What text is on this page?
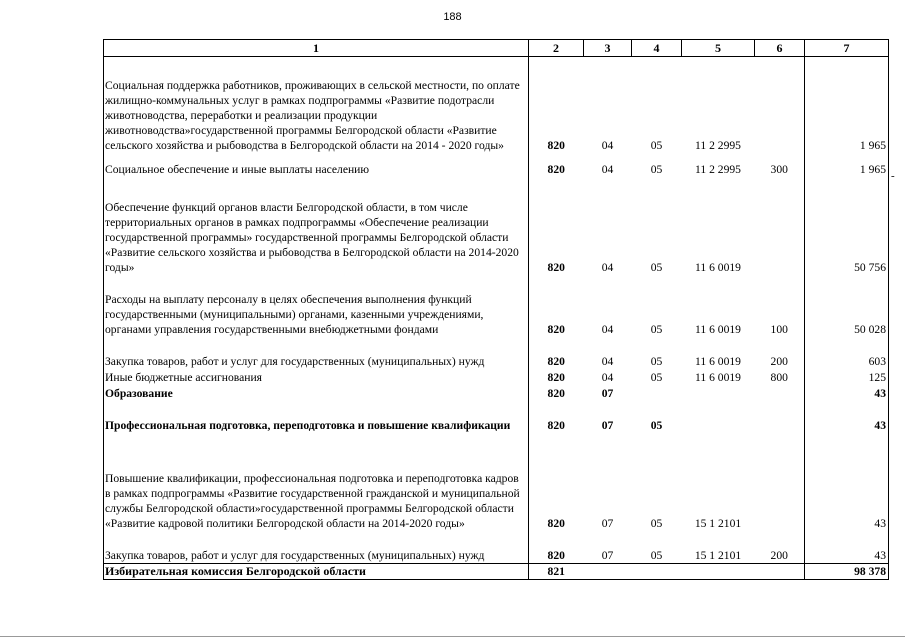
188
-
1	2	3	4	5	6	7
Социальная поддержка работников, проживающих в сельской местности, по оплате жилищно-коммунальных услуг в рамках подпрограммы «Развитие подотрасли животноводства, переработки и реализации продукции животноводства»государственной программы Белгородской области «Развитие сельского хозяйства и рыбоводства в Белгородской области на 2014 - 2020 годы»	820	04	05	11 2 2995		1 965
Социальное обеспечение и иные выплаты населению	820	04	05	11 2 2995	300	1 965
Обеспечение функций органов власти Белгородской области, в том числе территориальных органов в рамках подпрограммы «Обеспечение реализации государственной программы» государственной программы Белгородской области «Развитие сельского хозяйства и рыбоводства в Белгородской области на 2014-2020 годы»	820	04	05	11 6 0019		50 756
Расходы на выплату персоналу в целях обеспечения выполнения функций государственными (муниципальными) органами, казенными учреждениями, органами управления государственными внебюджетными фондами	820	04	05	11 6 0019	100	50 028
Закупка товаров, работ и услуг для государственных (муниципальных) нужд	820	04	05	11 6 0019	200	603
Иные бюджетные ассигнования	820	04	05	11 6 0019	800	125
Образование	820	07				43
Профессиональная подготовка, переподготовка и повышение квалификации	820	07	05			43
Повышение квалификации, профессиональная подготовка и переподготовка кадров в рамках подпрограммы «Развитие государственной гражданской и муниципальной службы Белгородской области»государственной программы Белгородской области «Развитие кадровой политики Белгородской области на 2014-2020 годы»	820	07	05	15 1 2101		43
Закупка товаров, работ и услуг для государственных (муниципальных) нужд	820	07	05	15 1 2101	200	43
Избирательная комиссия Белгородской области	821					98 378
